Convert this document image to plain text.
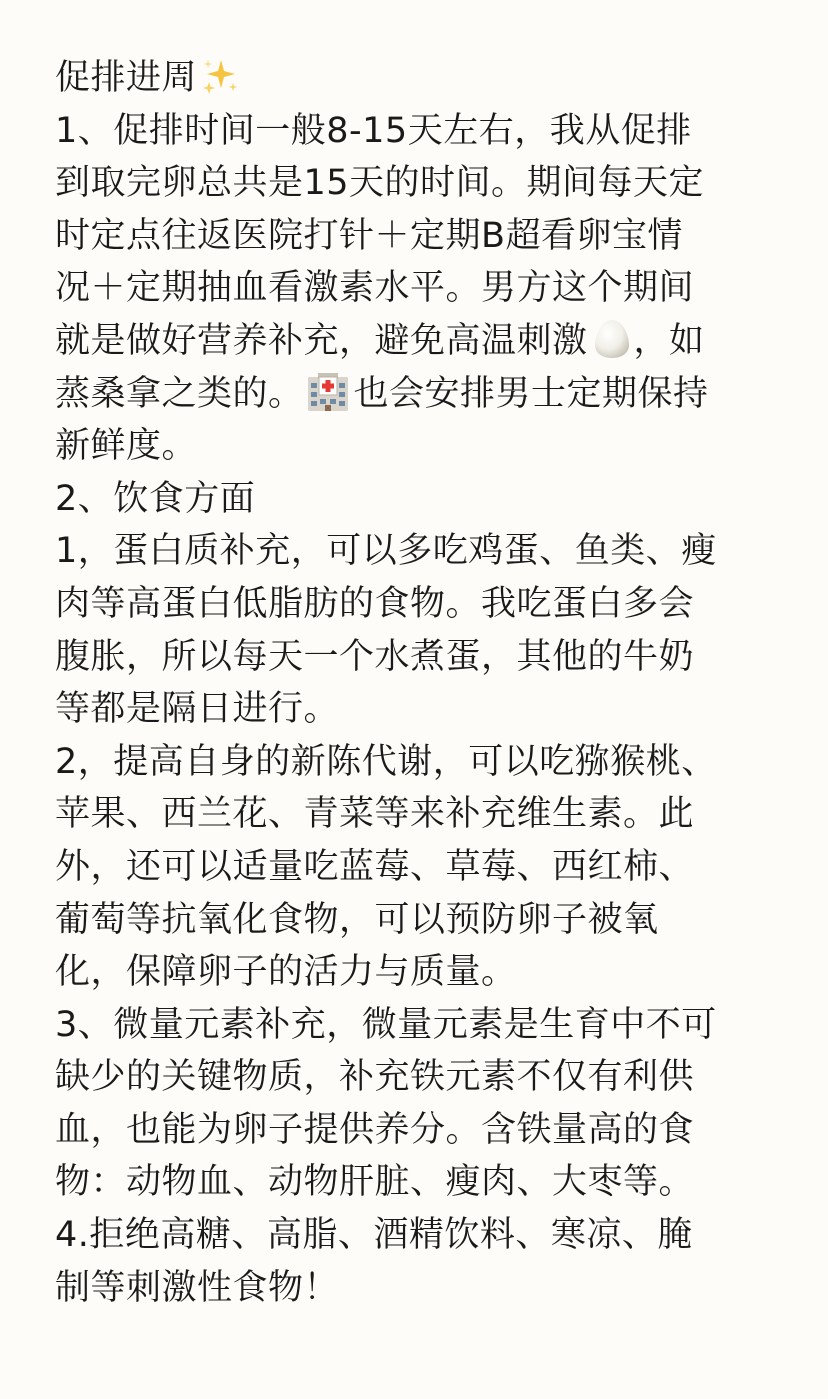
促排进周
1、促排时间一般8-15天左右，我从促排
到取完卵总共是15天的时间。期间每天定
时定点往返医院打针＋定期B超看卵宝情
况＋定期抽血看激素水平。男方这个期间
就是做好营养补充，避免高温刺激 ，如
蒸桑拿之类的。 也会安排男士定期保持
新鲜度。
2、饮食方面
1，蛋白质补充，可以多吃鸡蛋、鱼类、瘦
肉等高蛋白低脂肪的食物。我吃蛋白多会
腹胀，所以每天一个水煮蛋，其他的牛奶
等都是隔日进行。
2，提高自身的新陈代谢，可以吃猕猴桃、
苹果、西兰花、青菜等来补充维生素。此
外，还可以适量吃蓝莓、草莓、西红柿、
葡萄等抗氧化食物，可以预防卵子被氧
化，保障卵子的活力与质量。
3、微量元素补充，微量元素是生育中不可
缺少的关键物质，补充铁元素不仅有利供
血，也能为卵子提供养分。含铁量高的食
物：动物血、动物肝脏、瘦肉、大枣等。
4.拒绝高糖、高脂、酒精饮料、寒凉、腌
制等刺激性食物！
